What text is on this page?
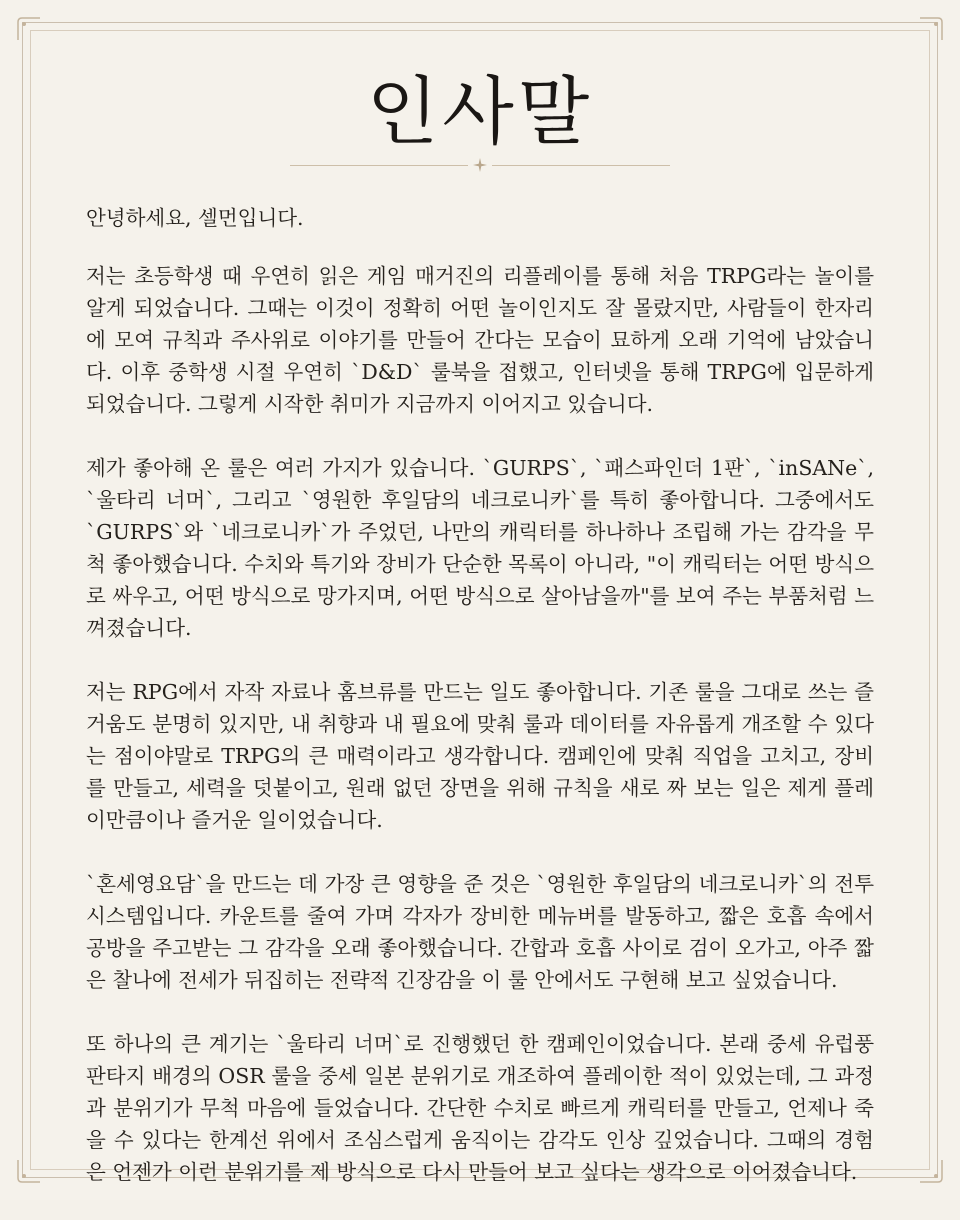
인사말

안녕하세요, 셀먼입니다.

저는 초등학생 때 우연히 읽은 게임 매거진의 리플레이를 통해 처음 TRPG라는 놀이를 알게 되었습니다. 그때는 이것이 정확히 어떤 놀이인지도 잘 몰랐지만, 사람들이 한자리에 모여 규칙과 주사위로 이야기를 만들어 간다는 모습이 묘하게 오래 기억에 남았습니다. 이후 중학생 시절 우연히 `D&D` 룰북을 접했고, 인터넷을 통해 TRPG에 입문하게 되었습니다. 그렇게 시작한 취미가 지금까지 이어지고 있습니다.

제가 좋아해 온 룰은 여러 가지가 있습니다. `GURPS`, `패스파인더 1판`, `inSANe`, `울타리 너머`, 그리고 `영원한 후일담의 네크로니카`를 특히 좋아합니다. 그중에서도 `GURPS`와 `네크로니카`가 주었던, 나만의 캐릭터를 하나하나 조립해 가는 감각을 무척 좋아했습니다. 수치와 특기와 장비가 단순한 목록이 아니라, "이 캐릭터는 어떤 방식으로 싸우고, 어떤 방식으로 망가지며, 어떤 방식으로 살아남을까"를 보여 주는 부품처럼 느껴졌습니다.

저는 RPG에서 자작 자료나 홈브류를 만드는 일도 좋아합니다. 기존 룰을 그대로 쓰는 즐거움도 분명히 있지만, 내 취향과 내 필요에 맞춰 룰과 데이터를 자유롭게 개조할 수 있다는 점이야말로 TRPG의 큰 매력이라고 생각합니다. 캠페인에 맞춰 직업을 고치고, 장비를 만들고, 세력을 덧붙이고, 원래 없던 장면을 위해 규칙을 새로 짜 보는 일은 제게 플레이만큼이나 즐거운 일이었습니다.

`혼세영요담`을 만드는 데 가장 큰 영향을 준 것은 `영원한 후일담의 네크로니카`의 전투 시스템입니다. 카운트를 줄여 가며 각자가 장비한 메뉴버를 발동하고, 짧은 호흡 속에서 공방을 주고받는 그 감각을 오래 좋아했습니다. 간합과 호흡 사이로 검이 오가고, 아주 짧은 찰나에 전세가 뒤집히는 전략적 긴장감을 이 룰 안에서도 구현해 보고 싶었습니다.

또 하나의 큰 계기는 `울타리 너머`로 진행했던 한 캠페인이었습니다. 본래 중세 유럽풍 판타지 배경의 OSR 룰을 중세 일본 분위기로 개조하여 플레이한 적이 있었는데, 그 과정과 분위기가 무척 마음에 들었습니다. 간단한 수치로 빠르게 캐릭터를 만들고, 언제나 죽을 수 있다는 한계선 위에서 조심스럽게 움직이는 감각도 인상 깊었습니다. 그때의 경험은 언젠가 이런 분위기를 제 방식으로 다시 만들어 보고 싶다는 생각으로 이어졌습니다.
